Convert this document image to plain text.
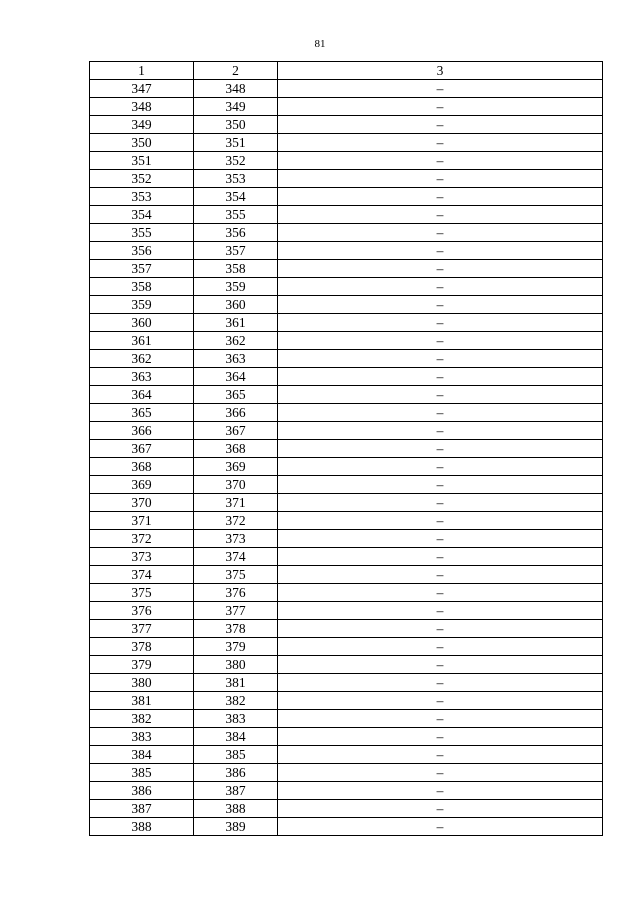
81
1	2	3
347	348	–
348	349	–
349	350	–
350	351	–
351	352	–
352	353	–
353	354	–
354	355	–
355	356	–
356	357	–
357	358	–
358	359	–
359	360	–
360	361	–
361	362	–
362	363	–
363	364	–
364	365	–
365	366	–
366	367	–
367	368	–
368	369	–
369	370	–
370	371	–
371	372	–
372	373	–
373	374	–
374	375	–
375	376	–
376	377	–
377	378	–
378	379	–
379	380	–
380	381	–
381	382	–
382	383	–
383	384	–
384	385	–
385	386	–
386	387	–
387	388	–
388	389	–
